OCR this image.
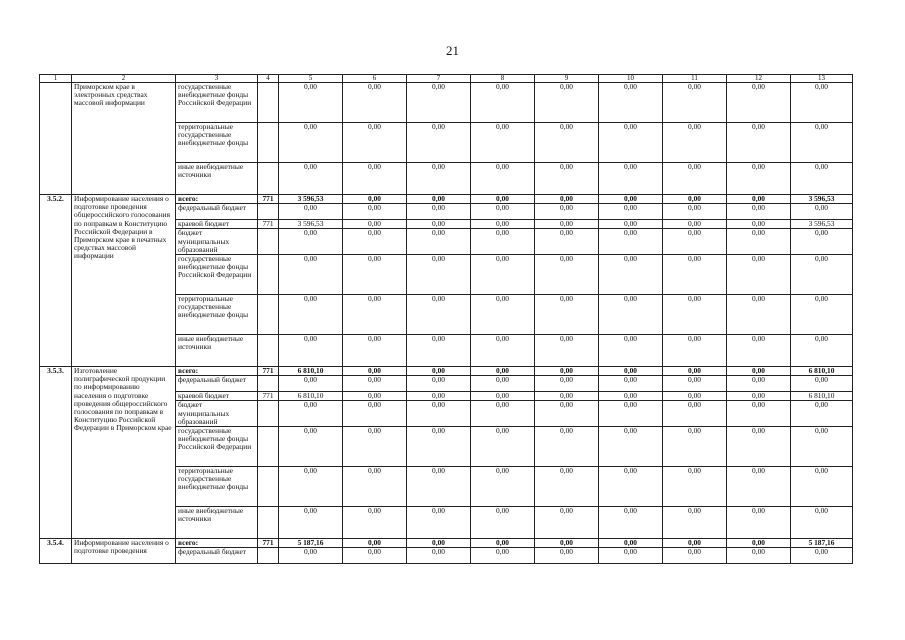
21
1	2	3	4	5	6	7	8	9	10	11	12	13
	Приморском крае в электронных средствах массовой информации	государственные внебюджетные фонды Российской Федерации		0,00	0,00	0,00	0,00	0,00	0,00	0,00	0,00	0,00
		территориальные государственные внебюджетные фонды		0,00	0,00	0,00	0,00	0,00	0,00	0,00	0,00	0,00
		иные внебюджетные источники		0,00	0,00	0,00	0,00	0,00	0,00	0,00	0,00	0,00
3.5.2.	Информирование населения о подготовке проведения общероссийского голосования по поправкам в Конституцию Российской Федерации в Приморском крае в печатных средствах массовой информации	всего:	771	3 596,53	0,00	0,00	0,00	0,00	0,00	0,00	0,00	3 596,53
		федеральный бюджет		0,00	0,00	0,00	0,00	0,00	0,00	0,00	0,00	0,00
		краевой бюджет	771	3 596,53	0,00	0,00	0,00	0,00	0,00	0,00	0,00	3 596,53
		бюджет муниципальных образований		0,00	0,00	0,00	0,00	0,00	0,00	0,00	0,00	0,00
		государственные внебюджетные фонды Российской Федерации		0,00	0,00	0,00	0,00	0,00	0,00	0,00	0,00	0,00
		территориальные государственные внебюджетные фонды		0,00	0,00	0,00	0,00	0,00	0,00	0,00	0,00	0,00
		иные внебюджетные источники		0,00	0,00	0,00	0,00	0,00	0,00	0,00	0,00	0,00
3.5.3.	Изготовление полиграфической продукции по информированию населения о подготовке проведения общероссийского голосования по поправкам в Конституцию Российской Федерации в Приморском крае	всего:	771	6 810,10	0,00	0,00	0,00	0,00	0,00	0,00	0,00	6 810,10
		федеральный бюджет		0,00	0,00	0,00	0,00	0,00	0,00	0,00	0,00	0,00
		краевой бюджет	771	6 810,10	0,00	0,00	0,00	0,00	0,00	0,00	0,00	6 810,10
		бюджет муниципальных образований		0,00	0,00	0,00	0,00	0,00	0,00	0,00	0,00	0,00
		государственные внебюджетные фонды Российской Федерации		0,00	0,00	0,00	0,00	0,00	0,00	0,00	0,00	0,00
		территориальные государственные внебюджетные фонды		0,00	0,00	0,00	0,00	0,00	0,00	0,00	0,00	0,00
		иные внебюджетные источники		0,00	0,00	0,00	0,00	0,00	0,00	0,00	0,00	0,00
3.5.4.	Информирование населения о подготовке проведения	всего:	771	5 187,16	0,00	0,00	0,00	0,00	0,00	0,00	0,00	5 187,16
		федеральный бюджет		0,00	0,00	0,00	0,00	0,00	0,00	0,00	0,00	0,00
